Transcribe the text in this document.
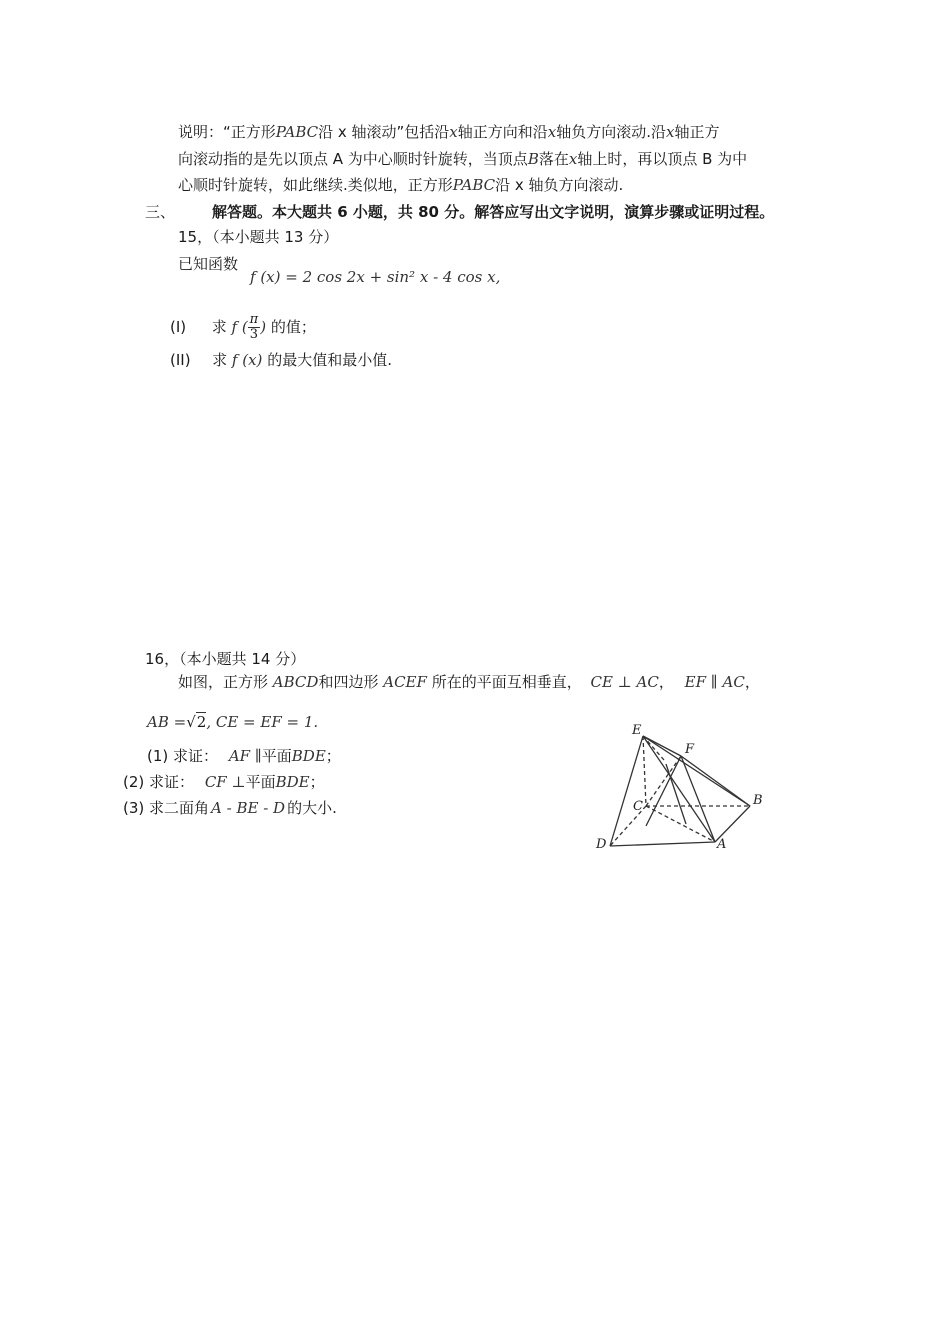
说明：“正方形PABC沿 x 轴滚动”包括沿x轴正方向和沿x轴负方向滚动.沿x轴正方
向滚动指的是先以顶点 A 为中心顺时针旋转，当顶点B落在x轴上时，再以顶点 B 为中
心顺时针旋转，如此继续.类似地，正方形PABC沿 x 轴负方向滚动.
三、 解答题。本大题共 6 小题，共 80 分。解答应写出文字说明，演算步骤或证明过程。
15，（本小题共 13 分）
已知函数
f (x) = 2 cos 2x + sin² x - 4 cos x,
(I) 求 f ( $\frac{\pi}{3}$ ) 的值；
(II) 求 f (x) 的最大值和最小值.
16，（本小题共 14 分）
如图，正方形 ABCD和四边形 ACEF 所在的平面互相垂直， CE ⊥ AC， EF ∥ AC，
AB =√2, CE = EF = 1.
(1) 求证： AF ∥平面BDE；
(2) 求证： CF ⊥平面BDE；
(3) 求二面角 A - BE - D 的大小.
E
F
C	B
D	A
